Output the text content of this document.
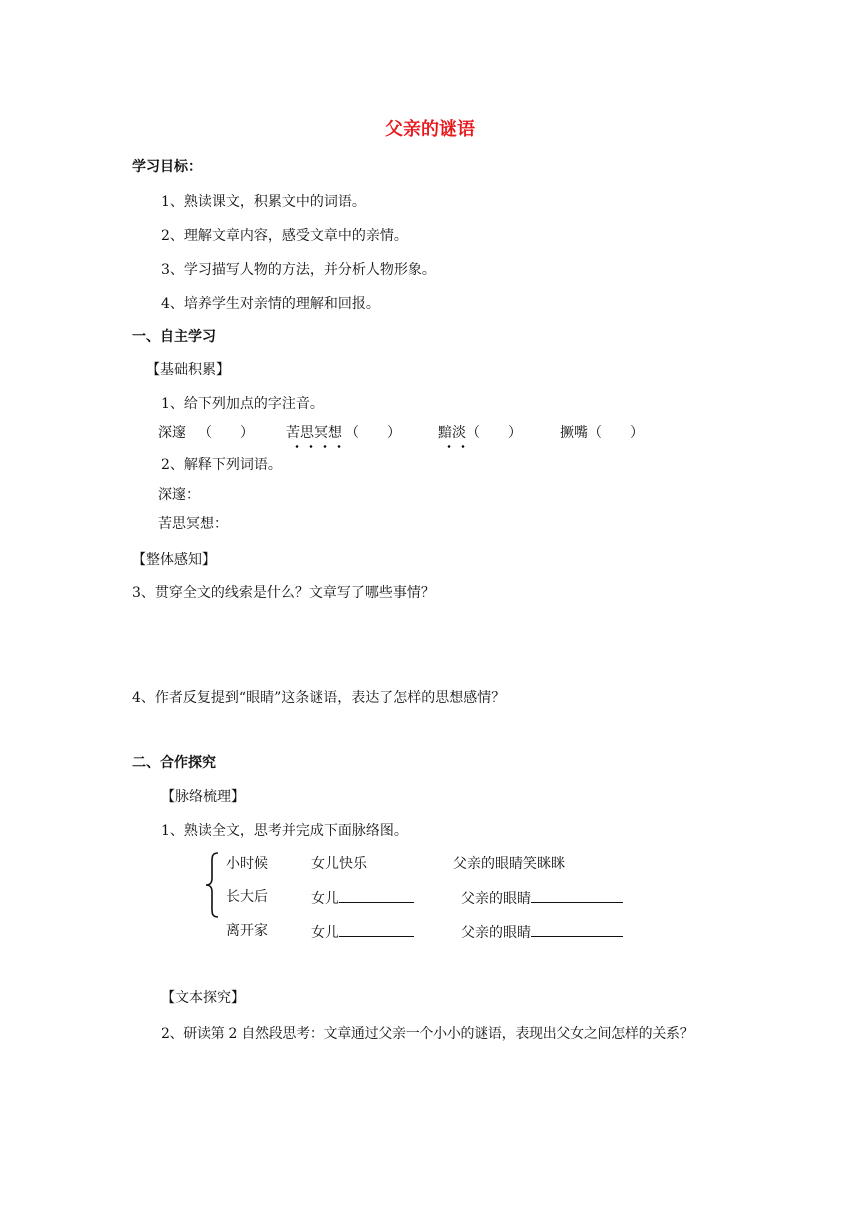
父亲的谜语
学习目标：
1、熟读课文，积累文中的词语。
2、理解文章内容，感受文章中的亲情。
3、学习描写人物的方法，并分析人物形象。
4、培养学生对亲情的理解和回报。
一、自主学习
【基础积累】
1、给下列加点的字注音。
深邃 （　　） 苦思冥想 （　　）	黯淡 （　　）	撅嘴 （　　）
2、解释下列词语。
深邃：
苦思冥想：
【整体感知】
3、贯穿全文的线索是什么？文章写了哪些事情？
4、作者反复提到“眼睛”这条谜语，表达了怎样的思想感情？
二、合作探究
【脉络梳理】
1、熟读全文，思考并完成下面脉络图。
小时候	女儿快乐	父亲的眼睛笑眯眯
长大后	女儿	父亲的眼睛
离开家	女儿	父亲的眼睛
【文本探究】
2、研读第 2 自然段思考：文章通过父亲一个小小的谜语，表现出父女之间怎样的关系？
